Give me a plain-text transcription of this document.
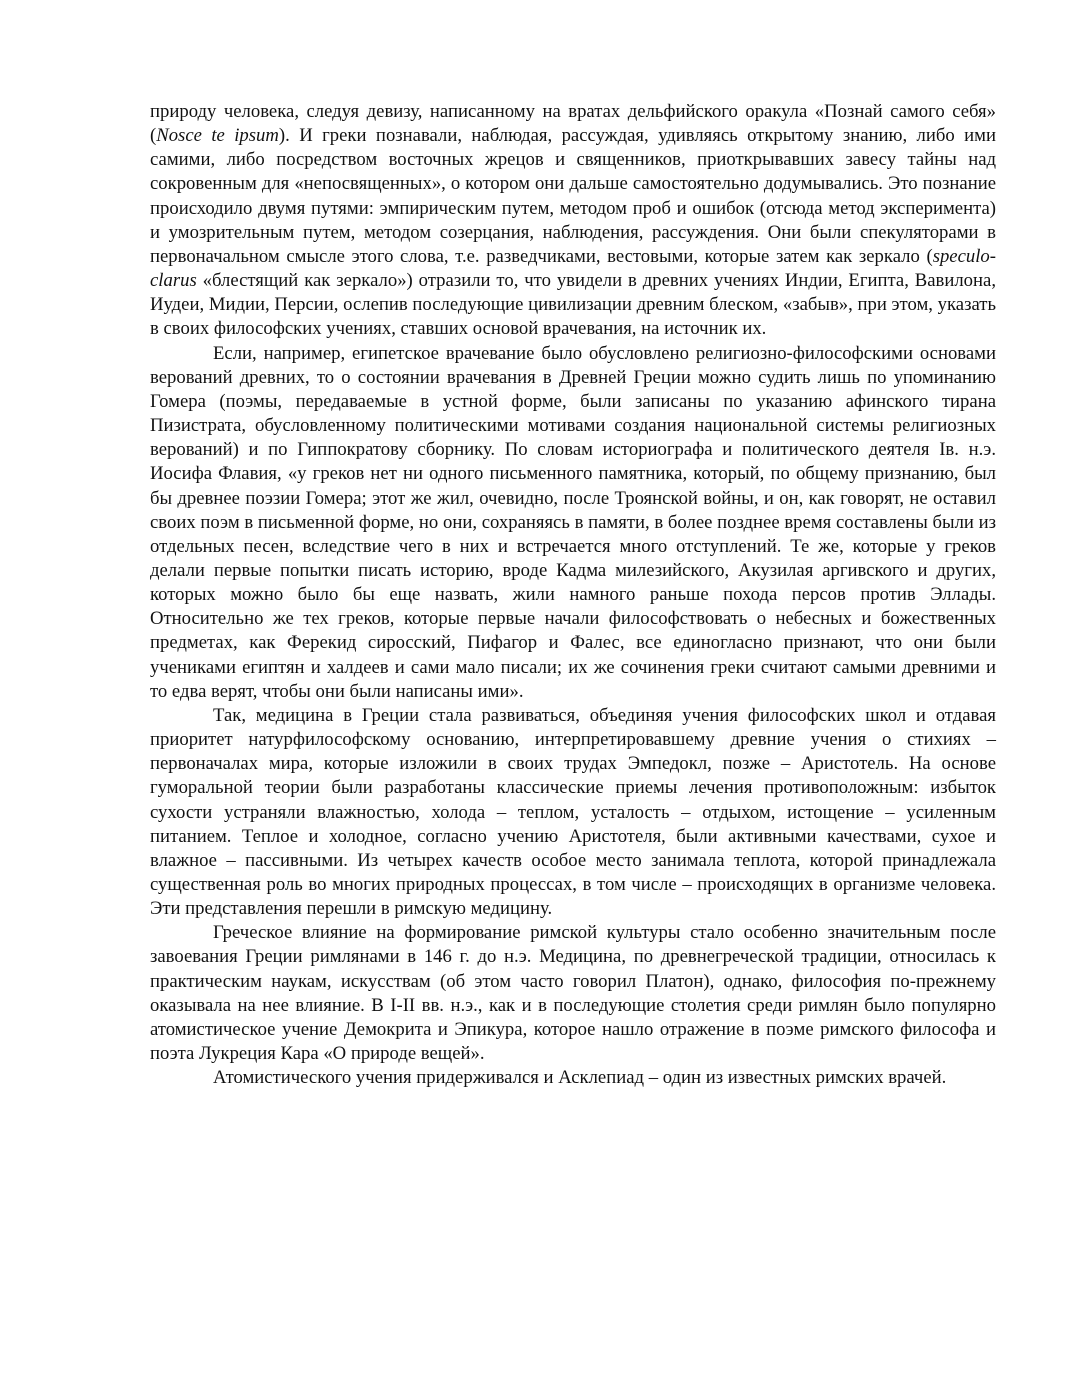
природу человека, следуя девизу, написанному на вратах дельфийского оракула «Познай самого себя» (Nosce te ipsum). И греки познавали, наблюдая, рассуждая, удивляясь открытому знанию, либо ими самими, либо посредством восточных жрецов и священников, приоткрывавших завесу тайны над сокровенным для «непосвященных», о котором они дальше самостоятельно додумывались. Это познание происходило двумя путями: эмпирическим путем, методом проб и ошибок (отсюда метод эксперимента) и умозрительным путем, методом созерцания, наблюдения, рассуждения. Они были спекуляторами в первоначальном смысле этого слова, т.е. разведчиками, вестовыми, которые затем как зеркало (speculo-clarus «блестящий как зеркало») отразили то, что увидели в древних учениях Индии, Египта, Вавилона, Иудеи, Мидии, Персии, ослепив последующие цивилизации древним блеском, «забыв», при этом, указать в своих философских учениях, ставших основой врачевания, на источник их.

Если, например, египетское врачевание было обусловлено религиозно-философскими основами верований древних, то о состоянии врачевания в Древней Греции можно судить лишь по упоминанию Гомера (поэмы, передаваемые в устной форме, были записаны по указанию афинского тирана Пизистрата, обусловленному политическими мотивами создания национальной системы религиозных верований) и по Гиппократову сборнику. По словам историографа и политического деятеля Iв. н.э. Иосифа Флавия, «у греков нет ни одного письменного памятника, который, по общему признанию, был бы древнее поэзии Гомера; этот же жил, очевидно, после Троянской войны, и он, как говорят, не оставил своих поэм в письменной форме, но они, сохраняясь в памяти, в более позднее время составлены были из отдельных песен, вследствие чего в них и встречается много отступлений. Те же, которые у греков делали первые попытки писать историю, вроде Кадма милезийского, Акузилая аргивского и других, которых можно было бы еще назвать, жили намного раньше похода персов против Эллады. Относительно же тех греков, которые первые начали философствовать о небесных и божественных предметах, как Ферекид сиросский, Пифагор и Фалес, все единогласно признают, что они были учениками египтян и халдеев и сами мало писали; их же сочинения греки считают самыми древними и то едва верят, чтобы они были написаны ими».

Так, медицина в Греции стала развиваться, объединяя учения философских школ и отдавая приоритет натурфилософскому основанию, интерпретировавшему древние учения о стихиях – первоначалах мира, которые изложили в своих трудах Эмпедокл, позже – Аристотель. На основе гуморальной теории были разработаны классические приемы лечения противоположным: избыток сухости устраняли влажностью, холода – теплом, усталость – отдыхом, истощение – усиленным питанием. Теплое и холодное, согласно учению Аристотеля, были активными качествами, сухое и влажное – пассивными. Из четырех качеств особое место занимала теплота, которой принадлежала существенная роль во многих природных процессах, в том числе – происходящих в организме человека. Эти представления перешли в римскую медицину.

Греческое влияние на формирование римской культуры стало особенно значительным после завоевания Греции римлянами в 146 г. до н.э. Медицина, по древнегреческой традиции, относилась к практическим наукам, искусствам (об этом часто говорил Платон), однако, философия по-прежнему оказывала на нее влияние. В I-II вв. н.э., как и в последующие столетия среди римлян было популярно атомистическое учение Демокрита и Эпикура, которое нашло отражение в поэме римского философа и поэта Лукреция Кара «О природе вещей».

Атомистического учения придерживался и Асклепиад – один из известных римских врачей.
